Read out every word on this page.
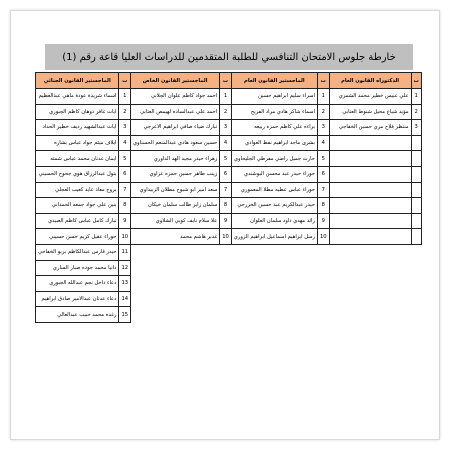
خارطة جلوس الامتحان التنافسي للطلبة المتقدمين للدراسات العليا قاعة رقم (1)
ت	الدكتوراه القانون العام	ت	الماجستير القانون العام	ت	الماجستير القانون الخاص	ت	الماجستير القانون الجنائي
1	علي عبيس خطير محمد الشمري	1	اسراء سليم ابراهيم حسين	1	احمد جواد كاظم علوان الجلابي	1	اسماء شريدة عودة ماهي عبدالعظيم
2	مؤيد شياع محيل شنوط العتابي	2	اسماء شاكر هادي مراد الفريح	2	احمد علي عبدالساده لهيمص العتابي	2	ايات غافر ذوهان كاظم الجبوري
3	منتظر فلاح مري حسين الخفاجي	3	براءه علي كاظم حمزه ربيعه	3	تبارك ضياء صافي ابراهيم الاعرجي	3	ايات عبدالشهيد رديف خطير الحداد
		4	بشرى ماجد ابراهيم نفط العوادي	4	حسين سعود هادي عبدالمنعم الحسناوي	4	ايلاف ميثم جواد عباس بشاره
		5	حارث جميل راضي مفرطي الجليحاوي	5	زهراء حيدر مجيد الهد الداوري	5	ايمان غدنان محمد عباس شمته
		6	حوراء حيدر عبد محسن البوشندي	6	زينب طاهر حسين حمزه عزاوي	6	بتول عبدالرزاق هوي جحوج الحسيني
		7	حوراء عباس عطيه مطلا المعموري	7	سعد امير ابو شبوح مطلان الزبيداوي	7	بروج معاذ عايد كعيب العجلي
		8	حيدر عبدالكريم عبد حسين الخزرجي	8	سلمان زاير طالب سلمان خيكان	8	بنين علي جواد جمعه الحمداني
		9	رائد مهدي داود سلمان العلوان	9	علا سلام نايف كوبي الشلاوي	9	تبارك كامل عباس كاظم العبيدي
		10	رسل ابراهيم اسماعيل ابراهيم الزوري	10	غدير هاشم محمد	10	حوراء عقيل كريم حسن حسيني
						11	حيدر فارس عبدالكاظم بريو الخفاجي
						12	دانيا محمد جوده صبار الساري
						13	دعاء داخل نجم عبدالله الجبوري
						14	دعاء عدنان عبدالامير صادق ابراهيم
						15	رغده محمد حبيب عبدالعالي
